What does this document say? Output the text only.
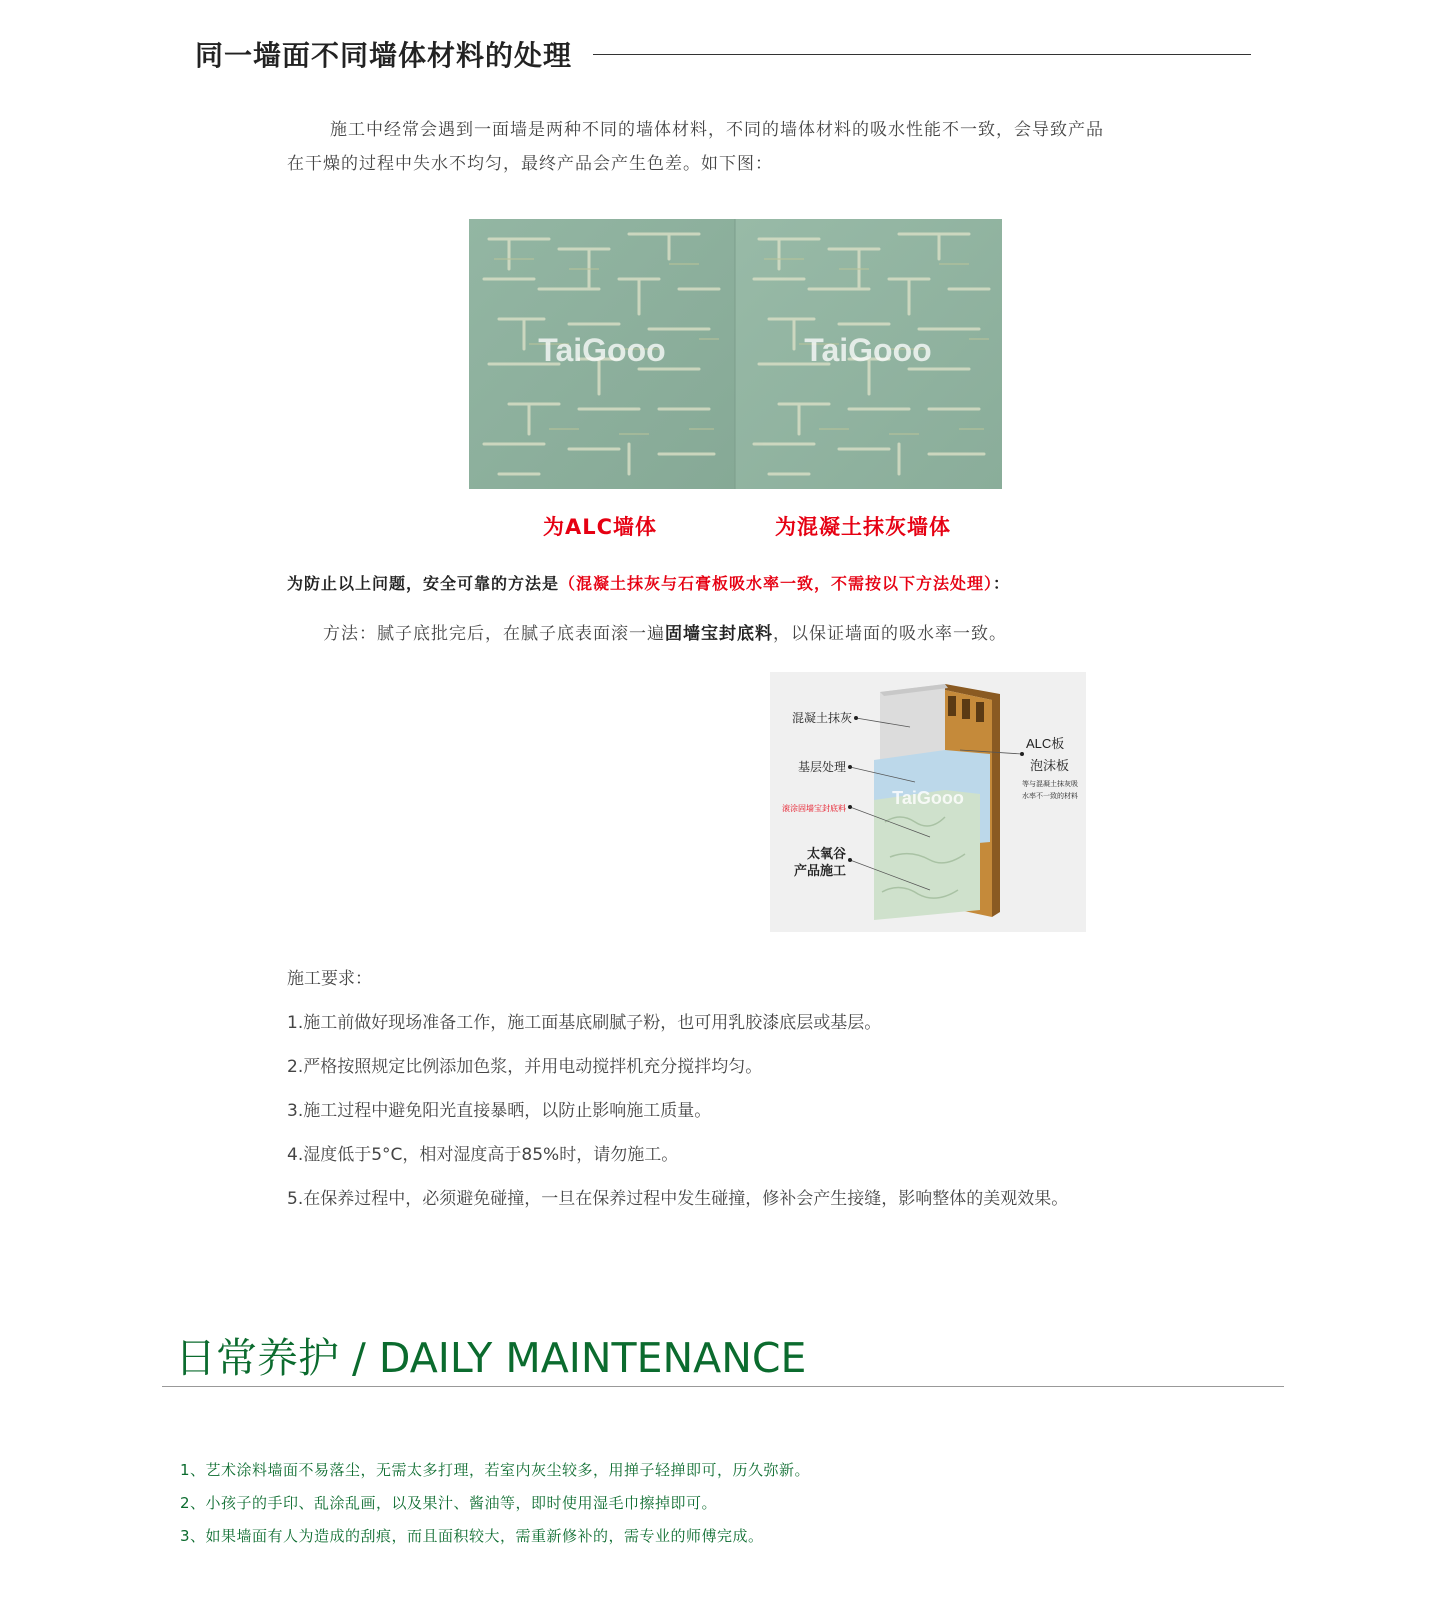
同一墙面不同墙体材料的处理
施工中经常会遇到一面墙是两种不同的墙体材料，不同的墙体材料的吸水性能不一致，会导致产品
在干燥的过程中失水不均匀，最终产品会产生色差。如下图：
TaiGooo	TaiGooo
为ALC墙体	为混凝土抹灰墙体
为防止以上问题，安全可靠的方法是（混凝土抹灰与石膏板吸水率一致，不需按以下方法处理）：
方法：腻子底批完后，在腻子底表面滚一遍固墙宝封底料，以保证墙面的吸水率一致。
TaiGooo
混凝土抹灰
基层处理
滚涂固墙宝封底料
太氧谷
产品施工
ALC板
泡沫板
等与混凝土抹灰吸
水率不一致的材料
施工要求：
1.施工前做好现场准备工作，施工面基底刷腻子粉，也可用乳胶漆底层或基层。
2.严格按照规定比例添加色浆，并用电动搅拌机充分搅拌均匀。
3.施工过程中避免阳光直接暴晒，以防止影响施工质量。
4.湿度低于5°C，相对湿度高于85%时，请勿施工。
5.在保养过程中，必须避免碰撞，一旦在保养过程中发生碰撞，修补会产生接缝，影响整体的美观效果。
日常养护 / DAILY MAINTENANCE
1、艺术涂料墙面不易落尘，无需太多打理，若室内灰尘较多，用掸子轻掸即可，历久弥新。
2、小孩子的手印、乱涂乱画，以及果汁、酱油等，即时使用湿毛巾擦掉即可。
3、如果墙面有人为造成的刮痕，而且面积较大，需重新修补的，需专业的师傅完成。
